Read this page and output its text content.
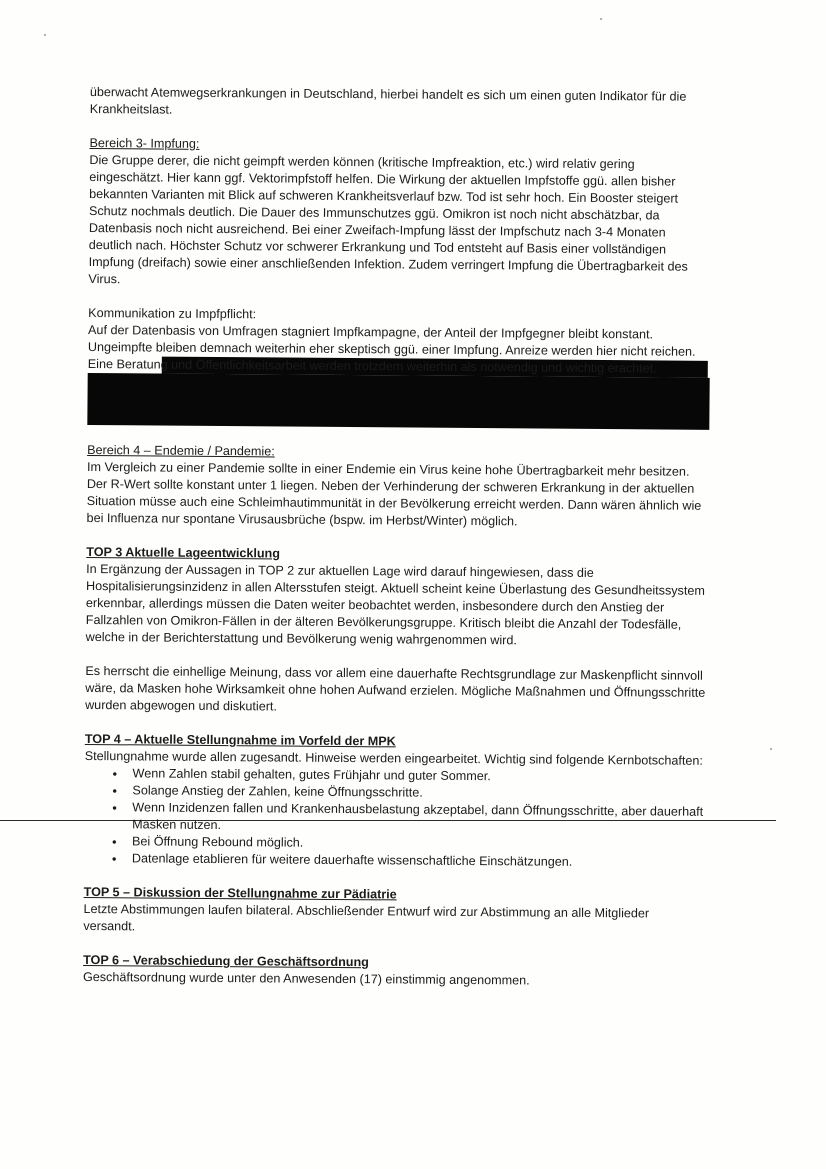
überwacht Atemwegserkrankungen in Deutschland, hierbei handelt es sich um einen guten Indikator für die Krankheitslast.

Bereich 3- Impfung:

Die Gruppe derer, die nicht geimpft werden können (kritische Impfreaktion, etc.) wird relativ gering eingeschätzt. Hier kann ggf. Vektorimpfstoff helfen. Die Wirkung der aktuellen Impfstoffe ggü. allen bisher bekannten Varianten mit Blick auf schweren Krankheitsverlauf bzw. Tod ist sehr hoch. Ein Booster steigert Schutz nochmals deutlich. Die Dauer des Immunschutzes ggü. Omikron ist noch nicht abschätzbar, da Datenbasis noch nicht ausreichend. Bei einer Zweifach-Impfung lässt der Impfschutz nach 3-4 Monaten deutlich nach. Höchster Schutz vor schwerer Erkrankung und Tod entsteht auf Basis einer vollständigen Impfung (dreifach) sowie einer anschließenden Infektion. Zudem verringert Impfung die Übertragbarkeit des Virus.

Kommunikation zu Impfpflicht:

Auf der Datenbasis von Umfragen stagniert Impfkampagne, der Anteil der Impfgegner bleibt konstant. Ungeimpfte bleiben demnach weiterhin eher skeptisch ggü. einer Impfung. Anreize werden hier nicht reichen. Eine Beratung und Öffentlichkeitsarbeit werden trotzdem weiterhin als notwendig und wichtig erachtet.

Bereich 4 – Endemie / Pandemie:

Im Vergleich zu einer Pandemie sollte in einer Endemie ein Virus keine hohe Übertragbarkeit mehr besitzen. Der R-Wert sollte konstant unter 1 liegen. Neben der Verhinderung der schweren Erkrankung in der aktuellen Situation müsse auch eine Schleimhautimmunität in der Bevölkerung erreicht werden. Dann wären ähnlich wie bei Influenza nur spontane Virusausbrüche (bspw. im Herbst/Winter) möglich.

TOP 3 Aktuelle Lageentwicklung

In Ergänzung der Aussagen in TOP 2 zur aktuellen Lage wird darauf hingewiesen, dass die Hospitalisierungsinzidenz in allen Altersstufen steigt. Aktuell scheint keine Überlastung des Gesundheitssystem erkennbar, allerdings müssen die Daten weiter beobachtet werden, insbesondere durch den Anstieg der Fallzahlen von Omikron-Fällen in der älteren Bevölkerungsgruppe. Kritisch bleibt die Anzahl der Todesfälle, welche in der Berichterstattung und Bevölkerung wenig wahrgenommen wird.

Es herrscht die einhellige Meinung, dass vor allem eine dauerhafte Rechtsgrundlage zur Maskenpflicht sinnvoll wäre, da Masken hohe Wirksamkeit ohne hohen Aufwand erzielen. Mögliche Maßnahmen und Öffnungsschritte wurden abgewogen und diskutiert.

TOP 4 – Aktuelle Stellungnahme im Vorfeld der MPK

Stellungnahme wurde allen zugesandt. Hinweise werden eingearbeitet. Wichtig sind folgende Kernbotschaften:

• Wenn Zahlen stabil gehalten, gutes Frühjahr und guter Sommer.
• Solange Anstieg der Zahlen, keine Öffnungsschritte.
• Wenn Inzidenzen fallen und Krankenhausbelastung akzeptabel, dann Öffnungsschritte, aber dauerhaft Masken nutzen.
• Bei Öffnung Rebound möglich.
• Datenlage etablieren für weitere dauerhafte wissenschaftliche Einschätzungen.

TOP 5 – Diskussion der Stellungnahme zur Pädiatrie

Letzte Abstimmungen laufen bilateral. Abschließender Entwurf wird zur Abstimmung an alle Mitglieder versandt.

TOP 6 – Verabschiedung der Geschäftsordnung

Geschäftsordnung wurde unter den Anwesenden (17) einstimmig angenommen.
